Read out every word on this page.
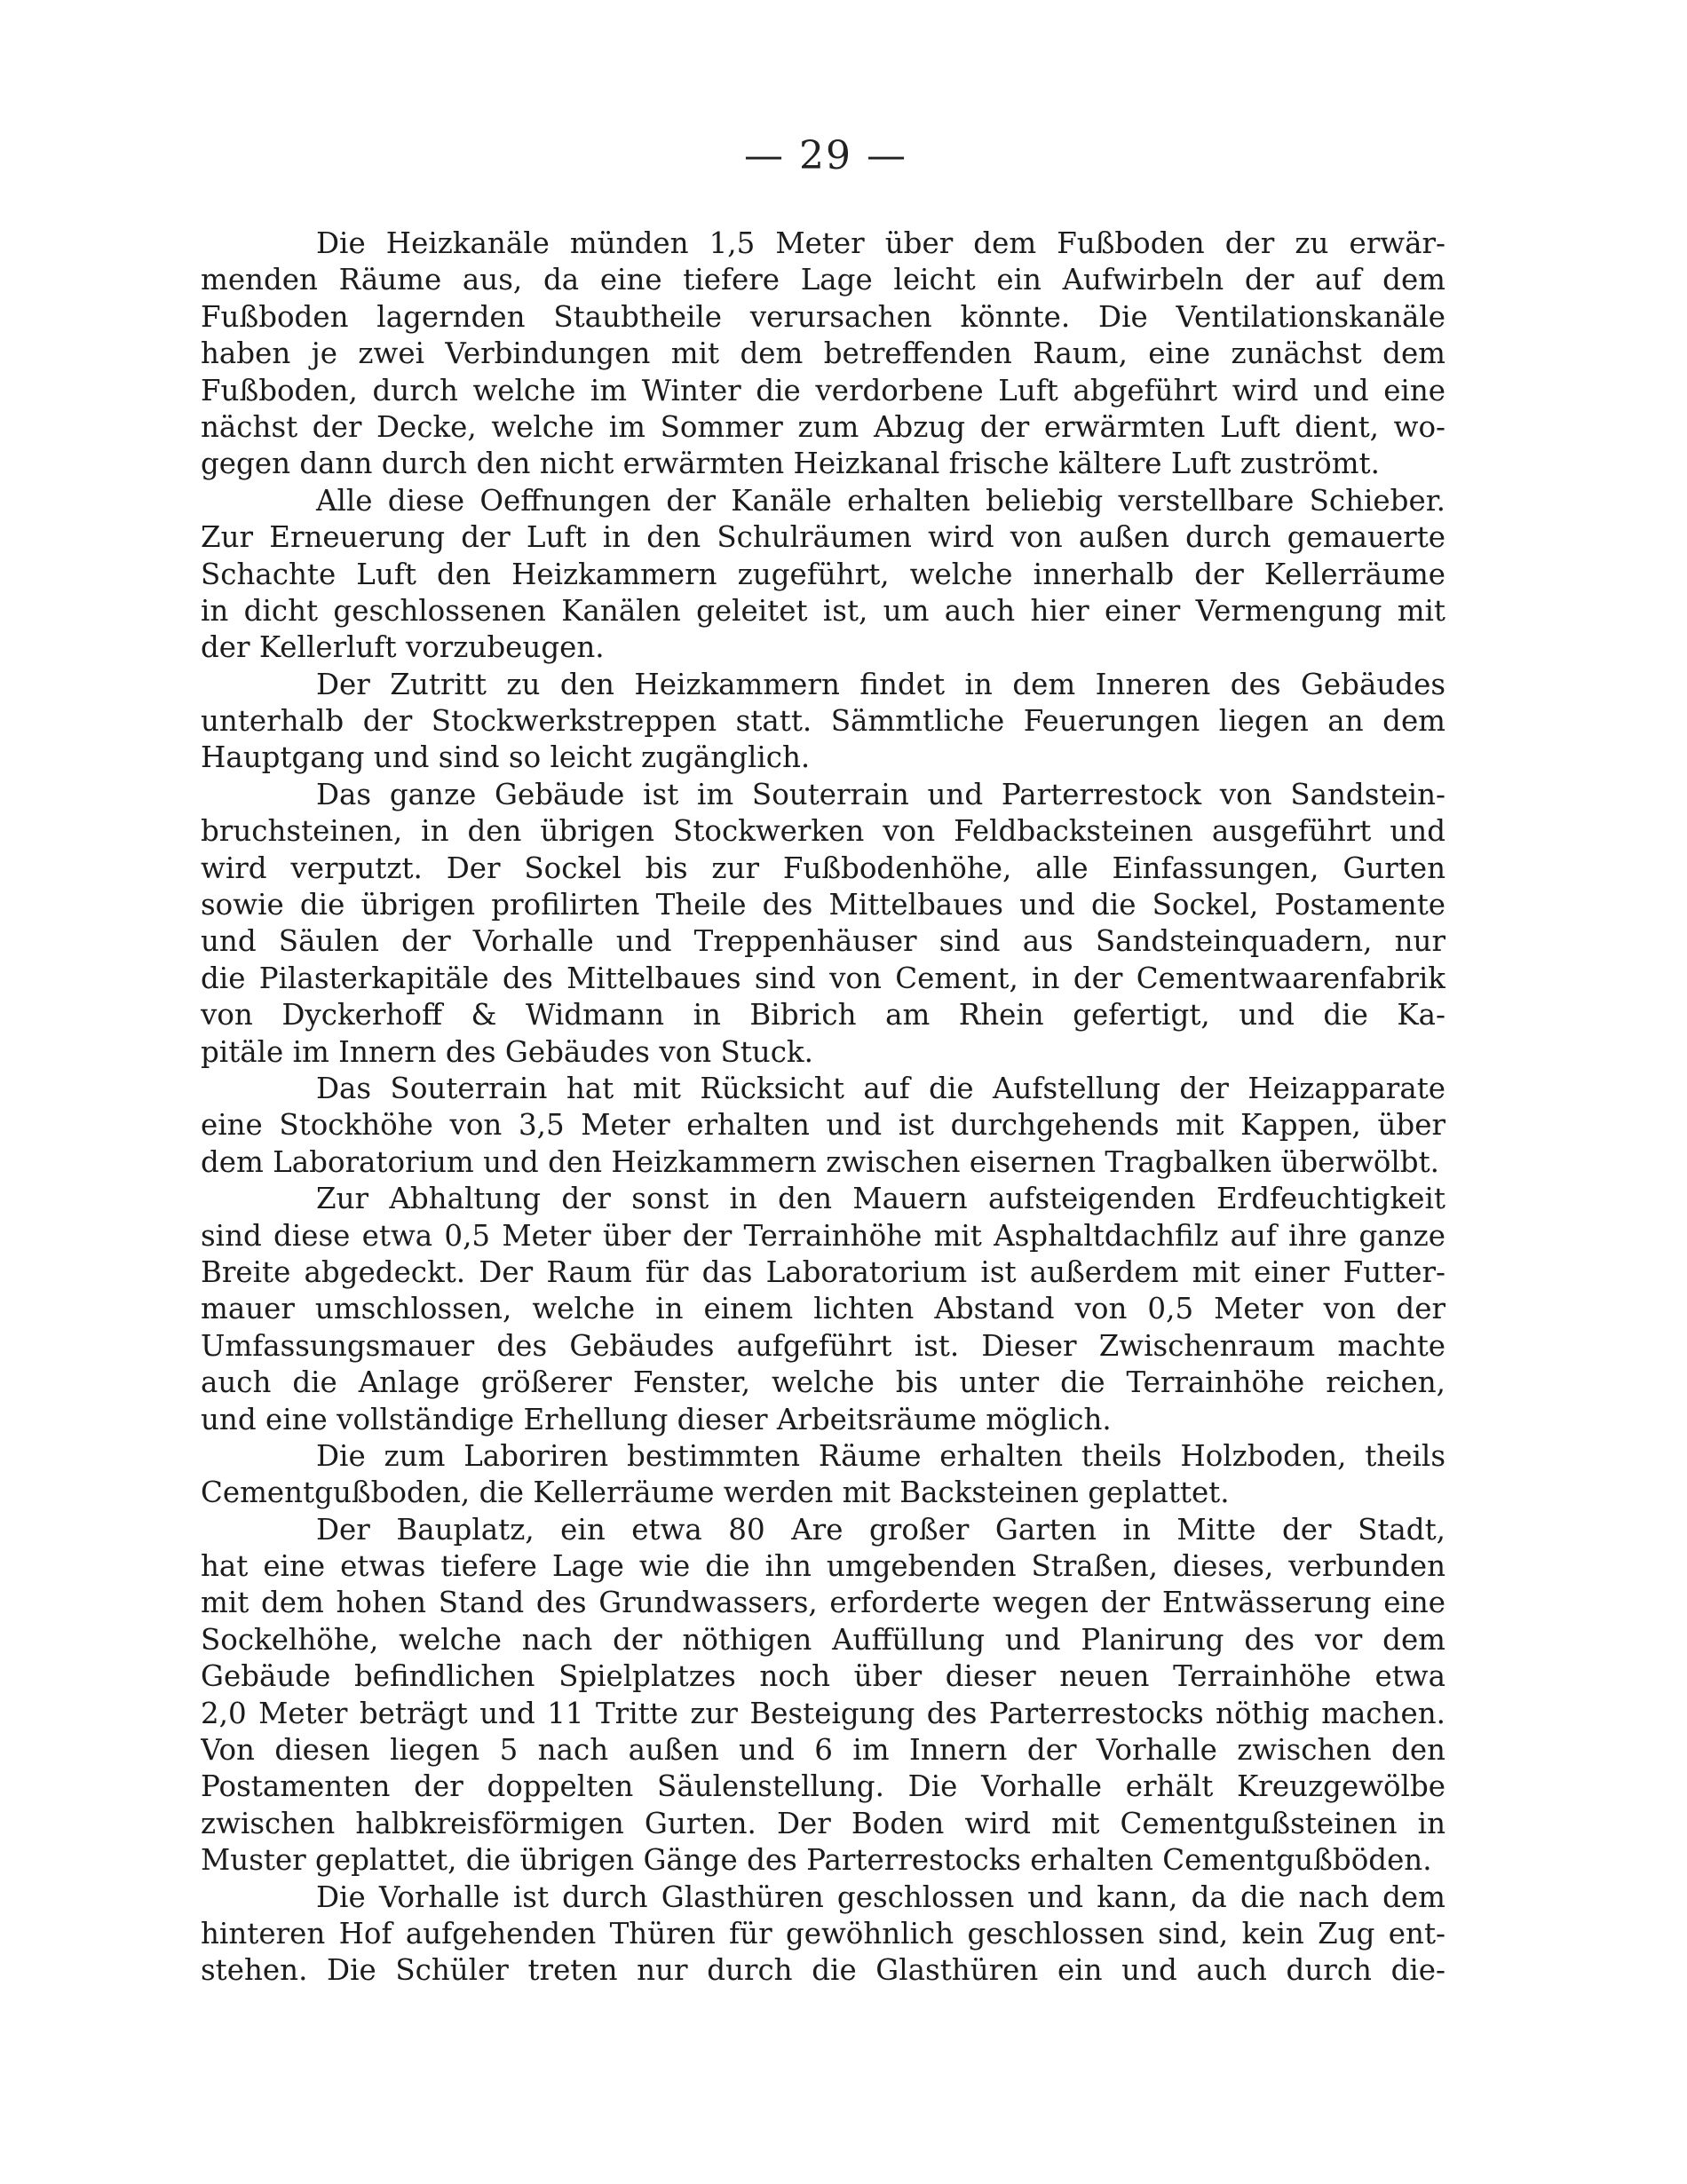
— 29 —
Die Heizkanäle münden 1,5 Meter über dem Fußboden der zu erwär-
menden Räume aus, da eine tiefere Lage leicht ein Aufwirbeln der auf dem
Fußboden lagernden Staubtheile verursachen könnte. Die Ventilationskanäle
haben je zwei Verbindungen mit dem betreffenden Raum, eine zunächst dem
Fußboden, durch welche im Winter die verdorbene Luft abgeführt wird und eine
nächst der Decke, welche im Sommer zum Abzug der erwärmten Luft dient, wo-
gegen dann durch den nicht erwärmten Heizkanal frische kältere Luft zuströmt.
Alle diese Oeffnungen der Kanäle erhalten beliebig verstellbare Schieber.
Zur Erneuerung der Luft in den Schulräumen wird von außen durch gemauerte
Schachte Luft den Heizkammern zugeführt, welche innerhalb der Kellerräume
in dicht geschlossenen Kanälen geleitet ist, um auch hier einer Vermengung mit
der Kellerluft vorzubeugen.
Der Zutritt zu den Heizkammern findet in dem Inneren des Gebäudes
unterhalb der Stockwerkstreppen statt. Sämmtliche Feuerungen liegen an dem
Hauptgang und sind so leicht zugänglich.
Das ganze Gebäude ist im Souterrain und Parterrestock von Sandstein-
bruchsteinen, in den übrigen Stockwerken von Feldbacksteinen ausgeführt und
wird verputzt. Der Sockel bis zur Fußbodenhöhe, alle Einfassungen, Gurten
sowie die übrigen profilirten Theile des Mittelbaues und die Sockel, Postamente
und Säulen der Vorhalle und Treppenhäuser sind aus Sandsteinquadern, nur
die Pilasterkapitäle des Mittelbaues sind von Cement, in der Cementwaarenfabrik
von Dyckerhoff & Widmann in Bibrich am Rhein gefertigt, und die Ka-
pitäle im Innern des Gebäudes von Stuck.
Das Souterrain hat mit Rücksicht auf die Aufstellung der Heizapparate
eine Stockhöhe von 3,5 Meter erhalten und ist durchgehends mit Kappen, über
dem Laboratorium und den Heizkammern zwischen eisernen Tragbalken überwölbt.
Zur Abhaltung der sonst in den Mauern aufsteigenden Erdfeuchtigkeit
sind diese etwa 0,5 Meter über der Terrainhöhe mit Asphaltdachfilz auf ihre ganze
Breite abgedeckt. Der Raum für das Laboratorium ist außerdem mit einer Futter-
mauer umschlossen, welche in einem lichten Abstand von 0,5 Meter von der
Umfassungsmauer des Gebäudes aufgeführt ist. Dieser Zwischenraum machte
auch die Anlage größerer Fenster, welche bis unter die Terrainhöhe reichen,
und eine vollständige Erhellung dieser Arbeitsräume möglich.
Die zum Laboriren bestimmten Räume erhalten theils Holzboden, theils
Cementgußboden, die Kellerräume werden mit Backsteinen geplattet.
Der Bauplatz, ein etwa 80 Are großer Garten in Mitte der Stadt,
hat eine etwas tiefere Lage wie die ihn umgebenden Straßen, dieses, verbunden
mit dem hohen Stand des Grundwassers, erforderte wegen der Entwässerung eine
Sockelhöhe, welche nach der nöthigen Auffüllung und Planirung des vor dem
Gebäude befindlichen Spielplatzes noch über dieser neuen Terrainhöhe etwa
2,0 Meter beträgt und 11 Tritte zur Besteigung des Parterrestocks nöthig machen.
Von diesen liegen 5 nach außen und 6 im Innern der Vorhalle zwischen den
Postamenten der doppelten Säulenstellung. Die Vorhalle erhält Kreuzgewölbe
zwischen halbkreisförmigen Gurten. Der Boden wird mit Cementgußsteinen in
Muster geplattet, die übrigen Gänge des Parterrestocks erhalten Cementgußböden.
Die Vorhalle ist durch Glasthüren geschlossen und kann, da die nach dem
hinteren Hof aufgehenden Thüren für gewöhnlich geschlossen sind, kein Zug ent-
stehen. Die Schüler treten nur durch die Glasthüren ein und auch durch die-
